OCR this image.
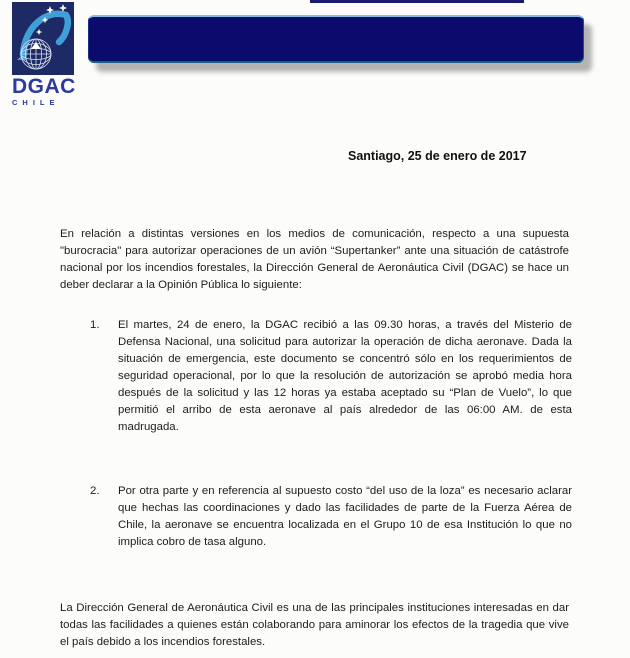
DGAC
CHILE
Santiago, 25 de enero de 2017

En relación a distintas versiones en los medios de comunicación, respecto a una supuesta "burocracia" para autorizar operaciones de un avión “Supertanker” ante una situación de catástrofe nacional por los incendios forestales, la Dirección General de Aeronáutica Civil (DGAC) se hace un deber declarar a la Opinión Pública lo siguiente:

1. El martes, 24 de enero, la DGAC recibió a las 09.30 horas, a través del Misterio de Defensa Nacional, una solicitud para autorizar la operación de dicha aeronave. Dada la situación de emergencia, este documento se concentró sólo en los requerimientos de seguridad operacional, por lo que la resolución de autorización se aprobó media hora después de la solicitud y las 12 horas ya estaba aceptado su “Plan de Vuelo”, lo que permitió el arribo de esta aeronave al país alrededor de las 06:00 AM. de esta madrugada.
2. Por otra parte y en referencia al supuesto costo “del uso de la loza” es necesario aclarar que hechas las coordinaciones y dado las facilidades de parte de la Fuerza Aérea de Chile, la aeronave se encuentra localizada en el Grupo 10 de esa Institución lo que no implica cobro de tasa alguno.

La Dirección General de Aeronáutica Civil es una de las principales instituciones interesadas en dar todas las facilidades a quienes están colaborando para aminorar los efectos de la tragedia que vive el país debido a los incendios forestales.
